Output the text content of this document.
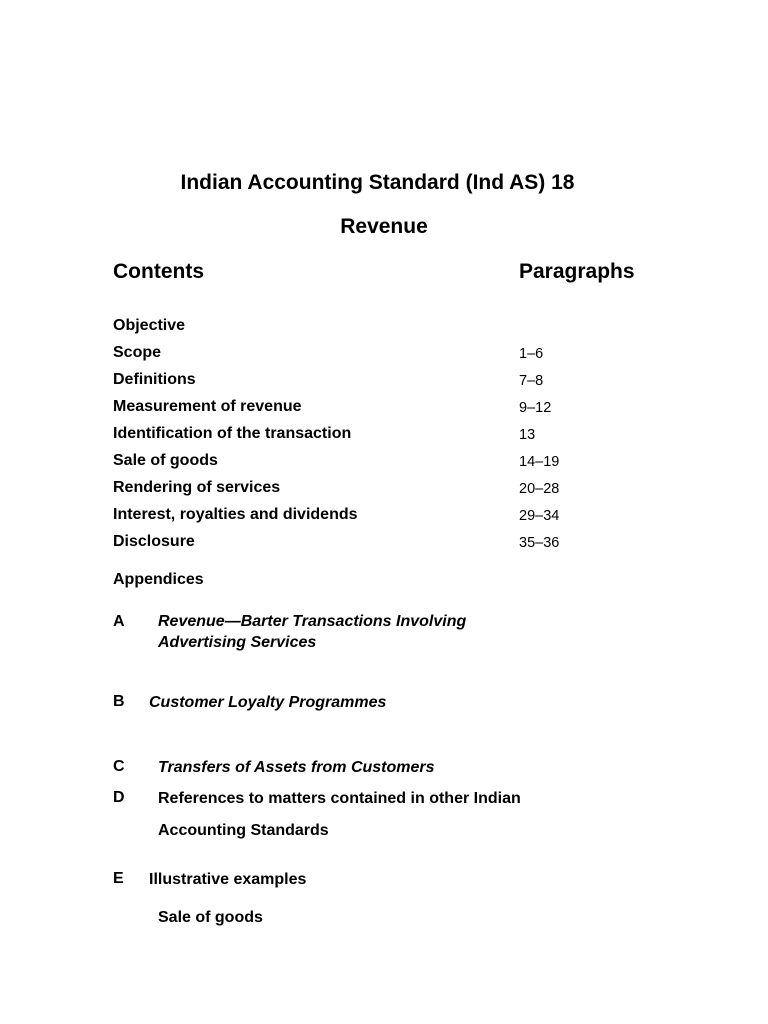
Indian Accounting Standard (Ind AS) 18
Revenue
Contents	Paragraphs
Objective
Scope	1–6
Definitions	7–8
Measurement of revenue	9–12
Identification of the transaction	13
Sale of goods	14–19
Rendering of services	20–28
Interest, royalties and dividends	29–34
Disclosure	35–36
Appendices
A Revenue—Barter Transactions Involving
Advertising Services
B Customer Loyalty Programmes
C Transfers of Assets from Customers
D References to matters contained in other Indian
Accounting Standards
E Illustrative examples
Sale of goods
